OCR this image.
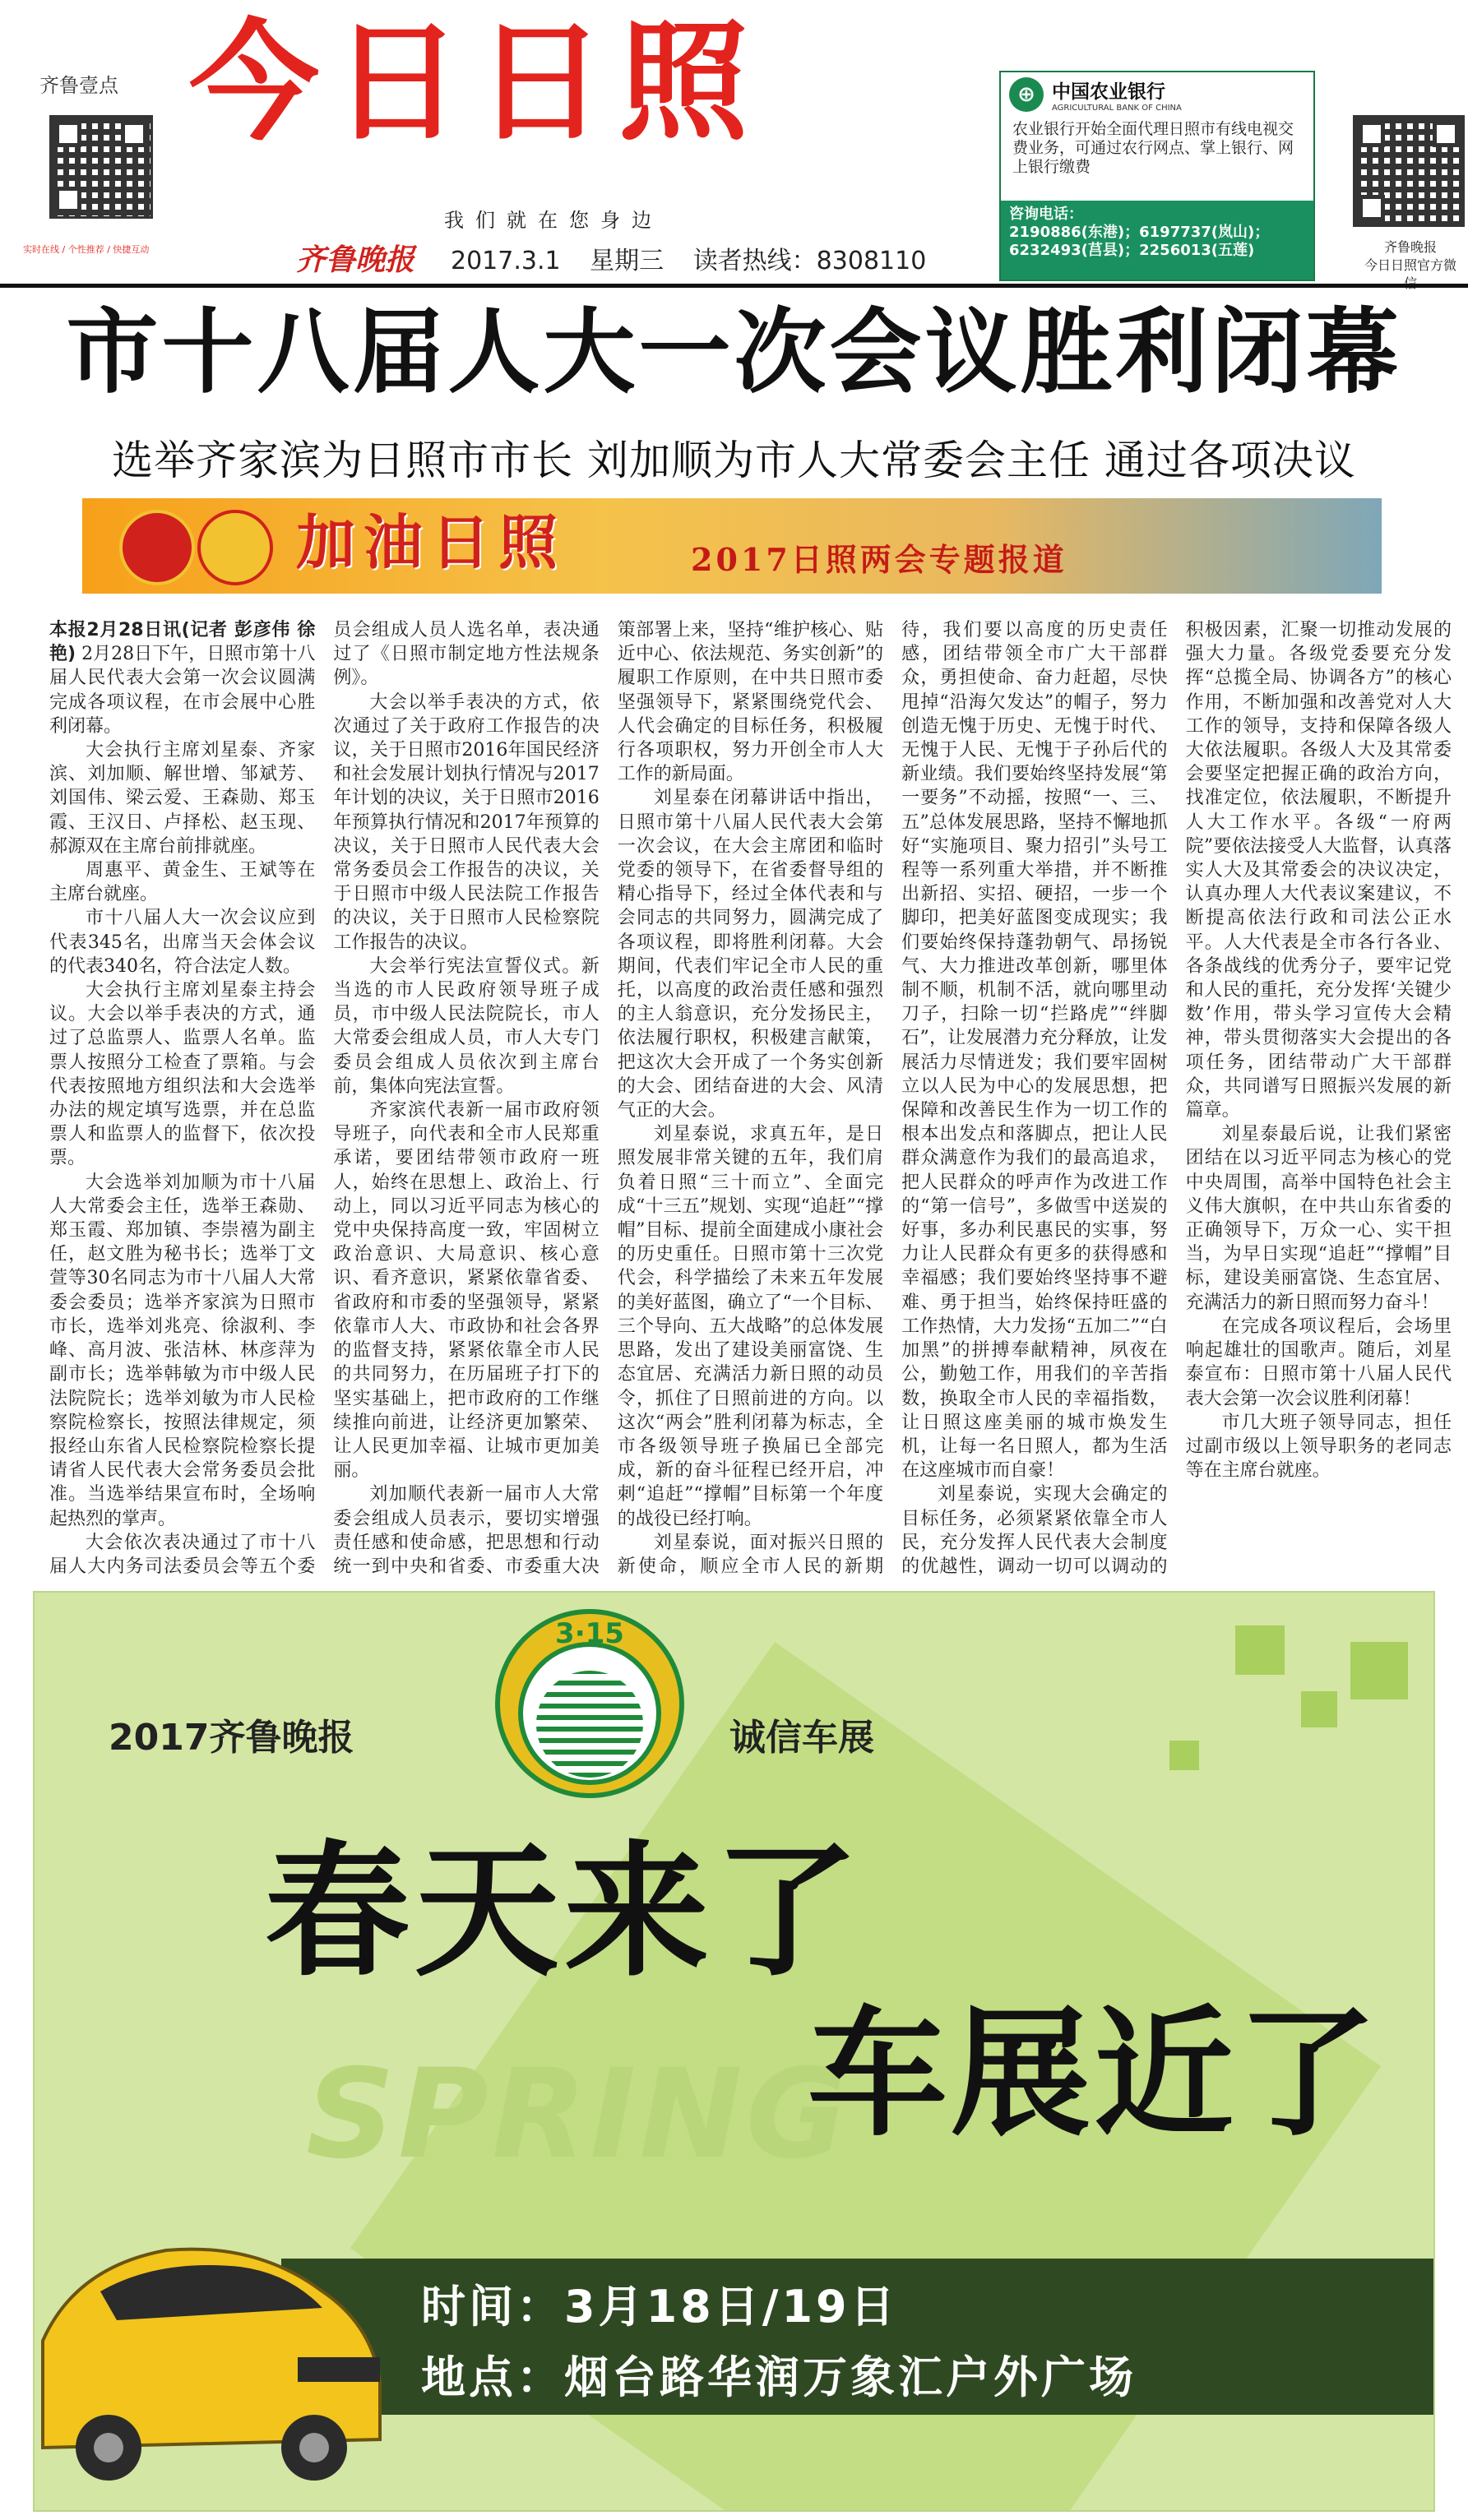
齐鲁壹点
实时在线 / 个性推荐 / 快捷互动
今日日照
我们就在您身边
齐鲁晚报 2017.3.1 星期三 读者热线：8308110
⊕ 中国农业银行
AGRICULTURAL BANK OF CHINA
农业银行开始全面代理日照市有线电视交费业务，可通过农行网点、掌上银行、网上银行缴费
咨询电话：
2190886(东港)；6197737(岚山)；
6232493(莒县)；2256013(五莲)	齐鲁晚报
今日日照官方微
市十八届人大一次会议胜利闭幕
选举齐家滨为日照市市长 刘加顺为市人大常委会主任 通过各项决议
加油日照	2017日照两会专题报道

本报2月28日讯(记者 彭彦伟 徐艳) 2月28日下午，日照市第十八届人民代表大会第一次会议圆满完成各项议程，在市会展中心胜利闭幕。

大会执行主席刘星泰、齐家滨、刘加顺、解世增、邹斌芳、刘国伟、梁云爱、王森勋、郑玉霞、王汉日、卢择松、赵玉现、郝源双在主席台前排就座。

周惠平、黄金生、王斌等在主席台就座。

市十八届人大一次会议应到代表345名，出席当天会体会议的代表340名，符合法定人数。

大会执行主席刘星泰主持会议。大会以举手表决的方式，通过了总监票人、监票人名单。监票人按照分工检查了票箱。与会代表按照地方组织法和大会选举办法的规定填写选票，并在总监票人和监票人的监督下，依次投票。

大会选举刘加顺为市十八届人大常委会主任，选举王森勋、郑玉霞、郑加镇、李崇禧为副主任，赵文胜为秘书长；选举丁文萱等30名同志为市十八届人大常委会委员；选举齐家滨为日照市市长，选举刘兆亮、徐淑利、李峰、高月波、张洁林、林彦萍为副市长；选举韩敏为市中级人民法院院长；选举刘敏为市人民检察院检察长，按照法律规定，须报经山东省人民检察院检察长提请省人民代表大会常务委员会批准。当选举结果宣布时，全场响起热烈的掌声。

大会依次表决通过了市十八届人大内务司法委员会等五个委员会组成人员人选名单，表决通过了《日照市制定地方性法规条例》。

大会以举手表决的方式，依次通过了关于政府工作报告的决议，关于日照市2016年国民经济和社会发展计划执行情况与2017年计划的决议，关于日照市2016年预算执行情况和2017年预算的决议，关于日照市人民代表大会常务委员会工作报告的决议，关于日照市中级人民法院工作报告的决议，关于日照市人民检察院工作报告的决议。

大会举行宪法宣誓仪式。新当选的市人民政府领导班子成员，市中级人民法院院长，市人大常委会组成人员，市人大专门委员会组成人员依次到主席台前，集体向宪法宣誓。

齐家滨代表新一届市政府领导班子，向代表和全市人民郑重承诺，要团结带领市政府一班人，始终在思想上、政治上、行动上，同以习近平同志为核心的党中央保持高度一致，牢固树立政治意识、大局意识、核心意识、看齐意识，紧紧依靠省委、省政府和市委的坚强领导，紧紧依靠市人大、市政协和社会各界的监督支持，紧紧依靠全市人民的共同努力，在历届班子打下的坚实基础上，把市政府的工作继续推向前进，让经济更加繁荣、让人民更加幸福、让城市更加美丽。

刘加顺代表新一届市人大常委会组成人员表示，要切实增强责任感和使命感，把思想和行动统一到中央和省委、市委重大决策部署上来，坚持“维护核心、贴近中心、依法规范、务实创新”的履职工作原则，在中共日照市委坚强领导下，紧紧围绕党代会、人代会确定的目标任务，积极履行各项职权，努力开创全市人大工作的新局面。

刘星泰在闭幕讲话中指出，日照市第十八届人民代表大会第一次会议，在大会主席团和临时党委的领导下，在省委督导组的精心指导下，经过全体代表和与会同志的共同努力，圆满完成了各项议程，即将胜利闭幕。大会期间，代表们牢记全市人民的重托，以高度的政治责任感和强烈的主人翁意识，充分发扬民主，依法履行职权，积极建言献策，把这次大会开成了一个务实创新的大会、团结奋进的大会、风清气正的大会。

刘星泰说，求真五年，是日照发展非常关键的五年，我们肩负着日照“三十而立”、全面完成“十三五”规划、实现“追赶”“撑帽”目标、提前全面建成小康社会的历史重任。日照市第十三次党代会，科学描绘了未来五年发展的美好蓝图，确立了“一个目标、三个导向、五大战略”的总体发展思路，发出了建设美丽富饶、生态宜居、充满活力新日照的动员令，抓住了日照前进的方向。以这次“两会”胜利闭幕为标志，全市各级领导班子换届已全部完成，新的奋斗征程已经开启，冲刺“追赶”“撑帽”目标第一个年度的战役已经打响。

刘星泰说，面对振兴日照的新使命，顺应全市人民的新期待，我们要以高度的历史责任感，团结带领全市广大干部群众，勇担使命、奋力赶超，尽快甩掉“沿海欠发达”的帽子，努力创造无愧于历史、无愧于时代、无愧于人民、无愧于子孙后代的新业绩。我们要始终坚持发展“第一要务”不动摇，按照“一、三、五”总体发展思路，坚持不懈地抓好“实施项目、聚力招引”头号工程等一系列重大举措，并不断推出新招、实招、硬招，一步一个脚印，把美好蓝图变成现实；我们要始终保持蓬勃朝气、昂扬锐气、大力推进改革创新，哪里体制不顺，机制不活，就向哪里动刀子，扫除一切“拦路虎”“绊脚石”，让发展潜力充分释放，让发展活力尽情迸发；我们要牢固树立以人民为中心的发展思想，把保障和改善民生作为一切工作的根本出发点和落脚点，把让人民群众满意作为我们的最高追求，把人民群众的呼声作为改进工作的“第一信号”，多做雪中送炭的好事，多办利民惠民的实事，努力让人民群众有更多的获得感和幸福感；我们要始终坚持事不避难、勇于担当，始终保持旺盛的工作热情，大力发扬“五加二”“白加黑”的拼搏奉献精神，夙夜在公，勤勉工作，用我们的辛苦指数，换取全市人民的幸福指数，让日照这座美丽的城市焕发生机，让每一名日照人，都为生活在这座城市而自豪！

刘星泰说，实现大会确定的目标任务，必须紧紧依靠全市人民，充分发挥人民代表大会制度的优越性，调动一切可以调动的积极因素，汇聚一切推动发展的强大力量。各级党委要充分发挥“总揽全局、协调各方”的核心作用，不断加强和改善党对人大工作的领导，支持和保障各级人大依法履职。各级人大及其常委会要坚定把握正确的政治方向，找准定位，依法履职，不断提升人大工作水平。各级“一府两院”要依法接受人大监督，认真落实人大及其常委会的决议决定，认真办理人大代表议案建议，不断提高依法行政和司法公正水平。人大代表是全市各行各业、各条战线的优秀分子，要牢记党和人民的重托，充分发挥‘关键少数’作用，带头学习宣传大会精神，带头贯彻落实大会提出的各项任务，团结带动广大干部群众，共同谱写日照振兴发展的新篇章。

刘星泰最后说，让我们紧密团结在以习近平同志为核心的党中央周围，高举中国特色社会主义伟大旗帜，在中共山东省委的正确领导下，万众一心、实干担当，为早日实现“追赶”“撑帽”目标，建设美丽富饶、生态宜居、充满活力的新日照而努力奋斗！

在完成各项议程后，会场里响起雄壮的国歌声。随后，刘星泰宣布：日照市第十八届人民代表大会第一次会议胜利闭幕！

市几大班子领导同志，担任过副市级以上领导职务的老同志等在主席台就座。

3·15
2017齐鲁晚报	诚信车展
春天来了
SPRING
车展近了
时间：3月18日/19日
地点：烟台路华润万象汇户外广场
